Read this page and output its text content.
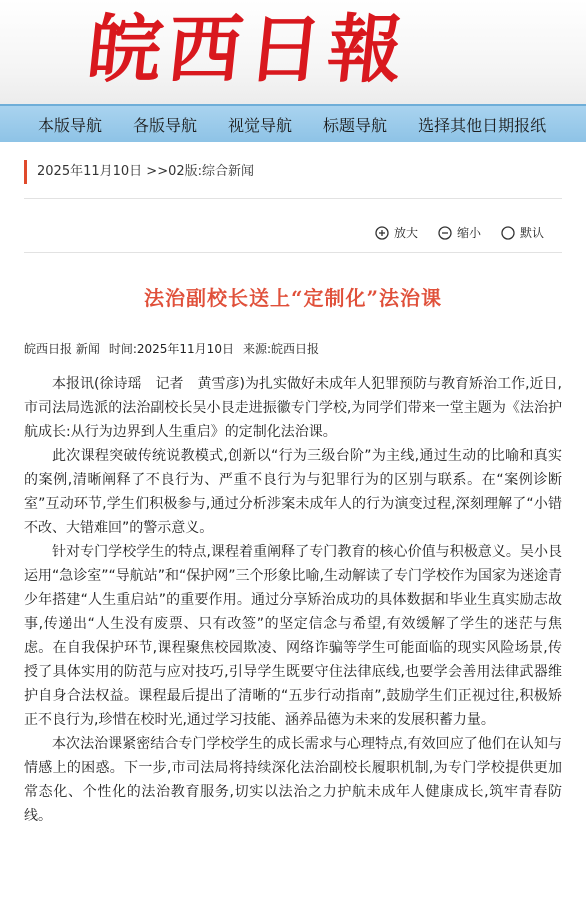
皖西日報
本版导航 各版导航 视觉导航 标题导航 选择其他日期报纸
2025年11月10日 >>02版:综合新闻
放大	缩小	默认
法治副校长送上“定制化”法治课
皖西日报 新闻 时间:2025年11月10日 来源:皖西日报

本报讯(徐诗瑶　记者　黄雪彦)为扎实做好未成年人犯罪预防与教育矫治工作,近日,市司法局选派的法治副校长吴小艮走进振徽专门学校,为同学们带来一堂主题为《法治护航成长:从行为边界到人生重启》的定制化法治课。

此次课程突破传统说教模式,创新以“行为三级台阶”为主线,通过生动的比喻和真实的案例,清晰阐释了不良行为、严重不良行为与犯罪行为的区别与联系。在“案例诊断室”互动环节,学生们积极参与,通过分析涉案未成年人的行为演变过程,深刻理解了“小错不改、大错难回”的警示意义。

针对专门学校学生的特点,课程着重阐释了专门教育的核心价值与积极意义。吴小艮运用“急诊室”“导航站”和“保护网”三个形象比喻,生动解读了专门学校作为国家为迷途青少年搭建“人生重启站”的重要作用。通过分享矫治成功的具体数据和毕业生真实励志故事,传递出“人生没有废票、只有改签”的坚定信念与希望,有效缓解了学生的迷茫与焦虑。在自我保护环节,课程聚焦校园欺凌、网络诈骗等学生可能面临的现实风险场景,传授了具体实用的防范与应对技巧,引导学生既要守住法律底线,也要学会善用法律武器维护自身合法权益。课程最后提出了清晰的“五步行动指南”,鼓励学生们正视过往,积极矫正不良行为,珍惜在校时光,通过学习技能、涵养品德为未来的发展积蓄力量。

本次法治课紧密结合专门学校学生的成长需求与心理特点,有效回应了他们在认知与情感上的困惑。下一步,市司法局将持续深化法治副校长履职机制,为专门学校提供更加常态化、个性化的法治教育服务,切实以法治之力护航未成年人健康成长,筑牢青春防线。
